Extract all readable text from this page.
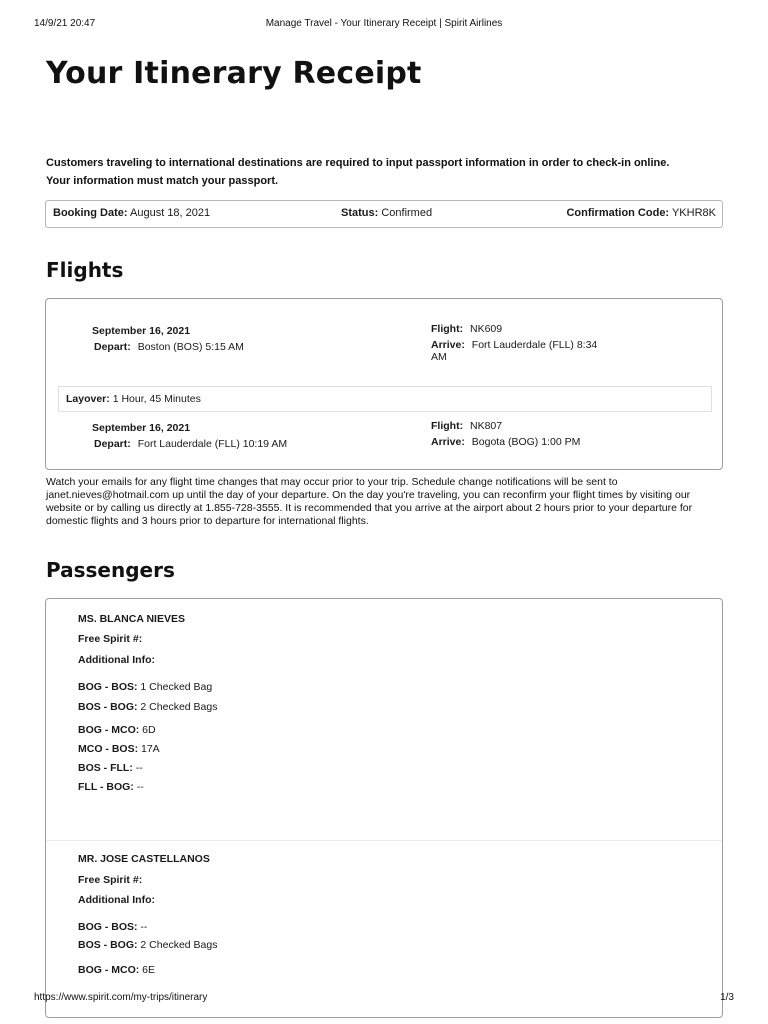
14/9/21 20:47	Manage Travel - Your Itinerary Receipt | Spirit Airlines
Your Itinerary Receipt

Customers traveling to international destinations are required to input passport information in order to check-in online. Your information must match your passport.

Booking Date: August 18, 2021	Status: Confirmed	Confirmation Code: YKHR8K
Flights
September 16, 2021
Depart: Boston (BOS) 5:15 AM
Flight: NK609
Arrive: Fort Lauderdale (FLL) 8:34 AM
Layover: 1 Hour, 45 Minutes
September 16, 2021
Depart: Fort Lauderdale (FLL) 10:19 AM
Flight: NK807
Arrive: Bogota (BOG) 1:00 PM

Watch your emails for any flight time changes that may occur prior to your trip. Schedule change notifications will be sent to janet.nieves@hotmail.com up until the day of your departure. On the day you're traveling, you can reconfirm your flight times by visiting our website or by calling us directly at 1.855-728-3555. It is recommended that you arrive at the airport about 2 hours prior to your departure for domestic flights and 3 hours prior to departure for international flights.

Passengers
MS. BLANCA NIEVES
Free Spirit #:
Additional Info:
BOG - BOS: 1 Checked Bag
BOS - BOG: 2 Checked Bags
BOG - MCO: 6D
MCO - BOS: 17A
BOS - FLL: --
FLL - BOG: --
MR. JOSE CASTELLANOS
Free Spirit #:
Additional Info:
BOG - BOS: --
BOS - BOG: 2 Checked Bags
BOG - MCO: 6E
https://www.spirit.com/my-trips/itinerary	1/3
